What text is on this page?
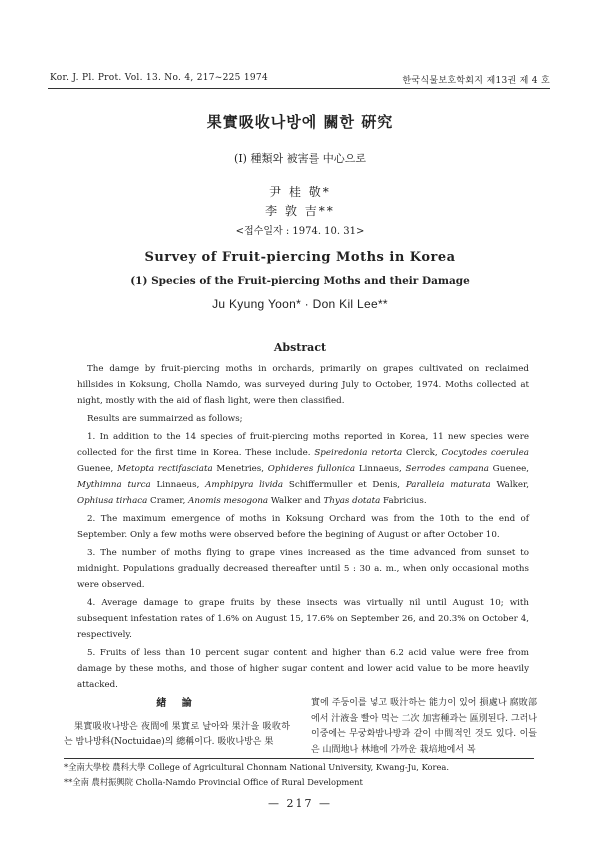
Kor. J. Pl. Prot. Vol. 13. No. 4, 217~225 1974	한국식물보호학회지 제13권 제 4 호
果實吸收나방에 關한 硏究
(I) 種類와 被害를 中心으로
尹 桂 敬*
李 敦 吉**
<접수일자 : 1974. 10. 31>
Survey of Fruit-piercing Moths in Korea
(1) Species of the Fruit-piercing Moths and their Damage
Ju Kyung Yoon* · Don Kil Lee**
Abstract

The damge by fruit-piercing moths in orchards, primarily on grapes cultivated on reclaimed hillsides in Koksung, Cholla Namdo, was surveyed during July to October, 1974. Moths collected at night, mostly with the aid of flash light, were then classified.

Results are summairzed as follows;

1. In addition to the 14 species of fruit-piercing moths reported in Korea, 11 new species were collected for the first time in Korea. These include. Speiredonia retorta Clerck, Cocytodes coerulea Guenee, Metopta rectifasciata Menetries, Ophideres fullonica Linnaeus, Serrodes campana Guenee, Mythimna turca Linnaeus, Amphipyra livida Schiffermuller et Denis, Paralleia maturata Walker, Ophiusa tirhaca Cramer, Anomis mesogona Walker and Thyas dotata Fabricius.

2. The maximum emergence of moths in Koksung Orchard was from the 10th to the end of September. Only a few moths were observed before the begining of August or after October 10.

3. The number of moths flying to grape vines increased as the time advanced from sunset to midnight. Populations gradually decreased thereafter until 5 : 30 a. m., when only occasional moths were observed.

4. Average damage to grape fruits by these insects was virtually nil until August 10; with subsequent infestation rates of 1.6% on August 15, 17.6% on September 26, and 20.3% on October 4, respectively.

5. Fruits of less than 10 percent sugar content and higher than 6.2 acid value were free from damage by these moths, and those of higher sugar content and lower acid value to be more heavily attacked.

緖 論

果實吸收나방은 夜間에 果實로 날아와 果汁을 吸收하는 밤나방科(Noctuidae)의 總稱이다. 吸收나방은 果

實에 주둥이를 넣고 吸汁하는 能力이 있어 損處나 腐敗部에서 汁液을 빨아 먹는 二次 加害種과는 區別된다. 그러나 이중에는 무궁화밤나방과 같이 中間적인 것도 있다. 이들은 山間地나 林地에 가까운 栽培地에서 복

*全南大學校 農科大學 College of Agricultural Chonnam National University, Kwang-Ju, Korea.
**全南 農村振興院 Cholla-Namdo Provincial Office of Rural Development
— 217 —
